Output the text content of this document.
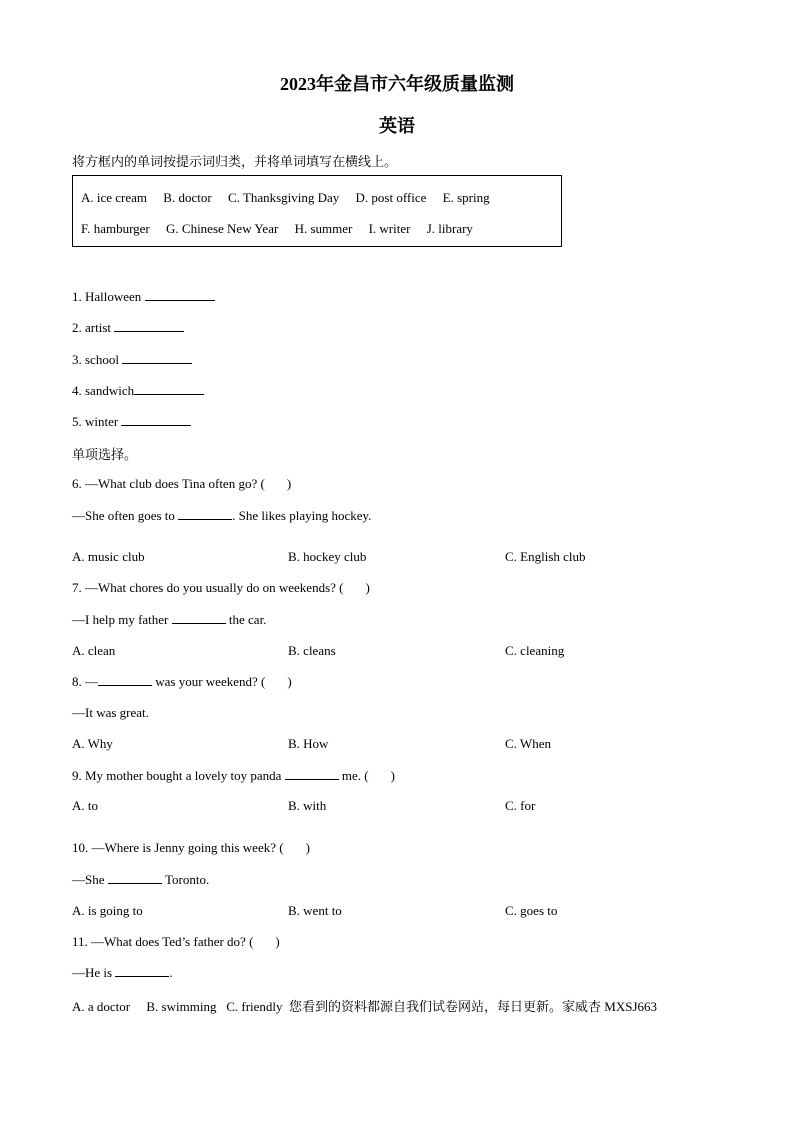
2023年金昌市六年级质量监测
英语
将方框内的单词按提示词归类，并将单词填写在横线上。
A. ice cream B. doctor C. Thanksgiving Day D. post office E. spring
F. hamburger G. Chinese New Year H. summer I. writer J. library
1. Halloween
2. artist
3. school
4. sandwich
5. winter
单项选择。
6. —What club does Tina often go? ( )
—She often goes to	. She likes playing hockey.
A. music club	B. hockey club	C. English club
7. —What chores do you usually do on weekends? ( )
—I help my father	the car.
A. clean	B. cleans	C. cleaning
8. —	was your weekend? ( )
—It was great.
A. Why	B. How	C. When
9. My mother bought a lovely toy panda	me. ( )
A. to	B. with	C. for
10. —Where is Jenny going this week? ( )
—She	Toronto.
A. is going to	B. went to	C. goes to
11. —What does Ted’s father do? ( )
—He is	.
A. a doctor B. swimming C. friendly 您看到的资料都源自我们试卷网站，每日更新。家威杏 MXSJ663
